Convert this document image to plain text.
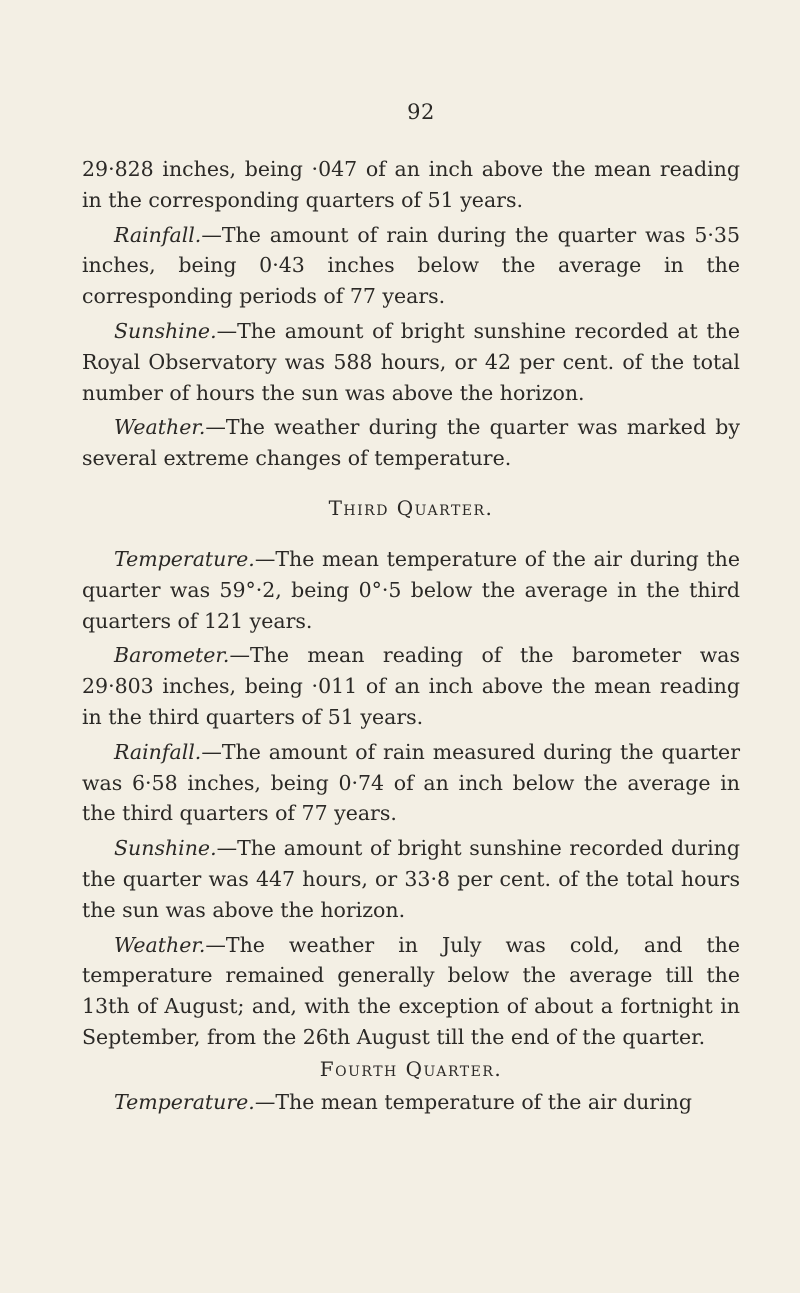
92

29·828 inches, being ·047 of an inch above the mean reading in the corresponding quarters of 51 years.

Rainfall.—The amount of rain during the quarter was 5·35 inches, being 0·43 inches below the average in the corresponding periods of 77 years.

Sunshine.—The amount of bright sunshine recorded at the Royal Observatory was 588 hours, or 42 per cent. of the total number of hours the sun was above the horizon.

Weather.—The weather during the quarter was marked by several extreme changes of temperature.

Third Quarter.

Temperature.—The mean temperature of the air during the quarter was 59°·2, being 0°·5 below the average in the third quarters of 121 years.

Barometer.—The mean reading of the barometer was 29·803 inches, being ·011 of an inch above the mean reading in the third quarters of 51 years.

Rainfall.—The amount of rain measured during the quarter was 6·58 inches, being 0·74 of an inch below the average in the third quarters of 77 years.

Sunshine.—The amount of bright sunshine recorded during the quarter was 447 hours, or 33·8 per cent. of the total hours the sun was above the horizon.

Weather.—The weather in July was cold, and the temperature remained generally below the average till the 13th of August; and, with the exception of about a fortnight in September, from the 26th August till the end of the quarter.

Fourth Quarter.

Temperature.—The mean temperature of the air during
